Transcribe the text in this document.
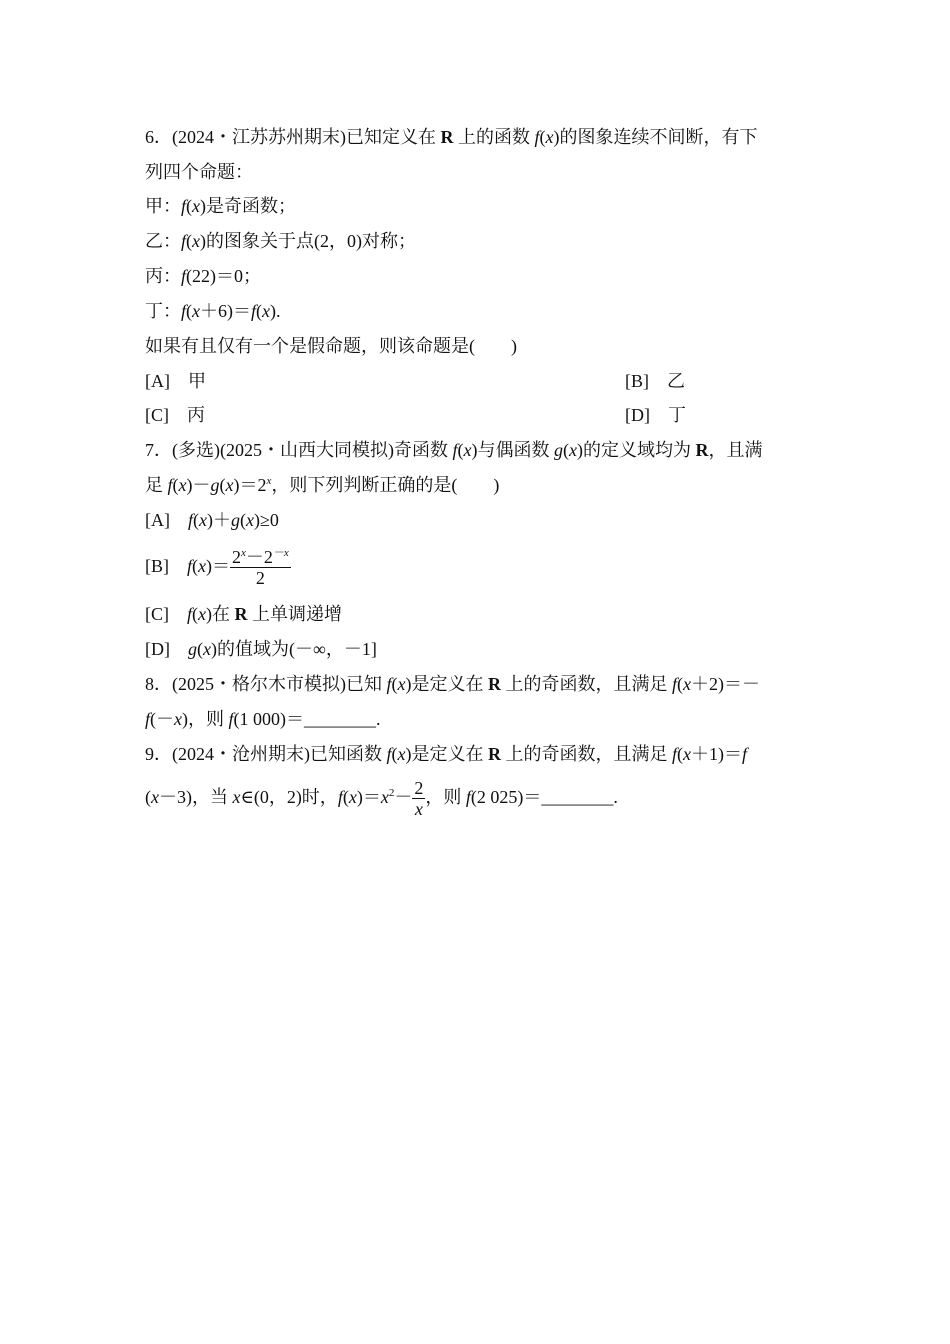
6．(2024・江苏苏州期末)已知定义在 R 上的函数 f(x)的图象连续不间断，有下
列四个命题：
甲：f(x)是奇函数；
乙：f(x)的图象关于点(2，0)对称；
丙：f(22)＝0；
丁：f(x＋6)＝f(x).
如果有且仅有一个是假命题，则该命题是(　　)
[A]　甲	[B]　乙
[C]　丙	[D]　丁
7．(多选)(2025・山西大同模拟)奇函数 f(x)与偶函数 g(x)的定义域均为 R，且满
足 $f(x)-g(x)=2^x$，则下列判断正确的是(　　)
[A]　f(x)＋g(x)≥0
[B]　$f(x)= \frac{2^x-2^{-x}}{2}$
[C]　f(x)在 R 上单调递增
[D]　g(x)的值域为(－∞，－1]
8．(2025・格尔木市模拟)已知 f(x)是定义在 R 上的奇函数，且满足 f(x＋2)＝－
f(－x)，则 f(1 000)＝________.
9．(2024・沧州期末)已知函数 f(x)是定义在 R 上的奇函数，且满足 f(x＋1)＝f
(x－3)，当 x∈(0，2)时，$f(x)=x^2- \frac{2}{x}$ ，则 f(2 025)＝________.
